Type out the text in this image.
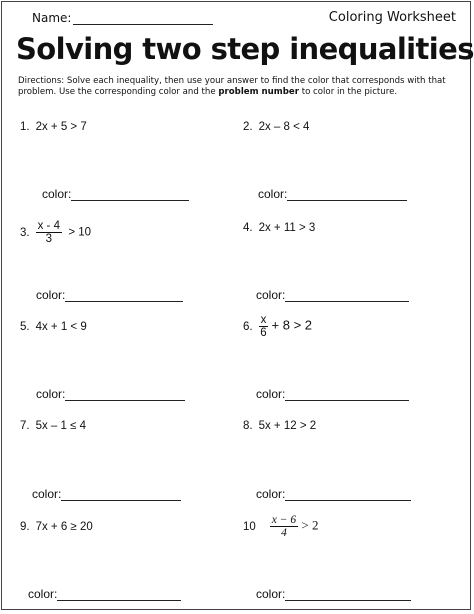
Name:	Coloring Worksheet
Solving two step inequalities
Directions: Solve each inequality, then use your answer to find the color that corresponds with that problem. Use the corresponding color and the problem number to color in the picture.
1. 2x + 5 > 7	2. 2x – 8 < 4
color:	color:
3. $\frac{x - 4}{3} > 10$	4. 2x + 11 > 3
color:	color:
5. 4x + 1 < 9	6. $\frac{x}{6} + 8 > 2$
color:	color:
7. 5x – 1 ≤ 4	8. 5x + 12 > 2
color:	color:
9. 7x + 6 ≥ 20	$10 \frac{x - 6}{4} > 2$
color:	color:
